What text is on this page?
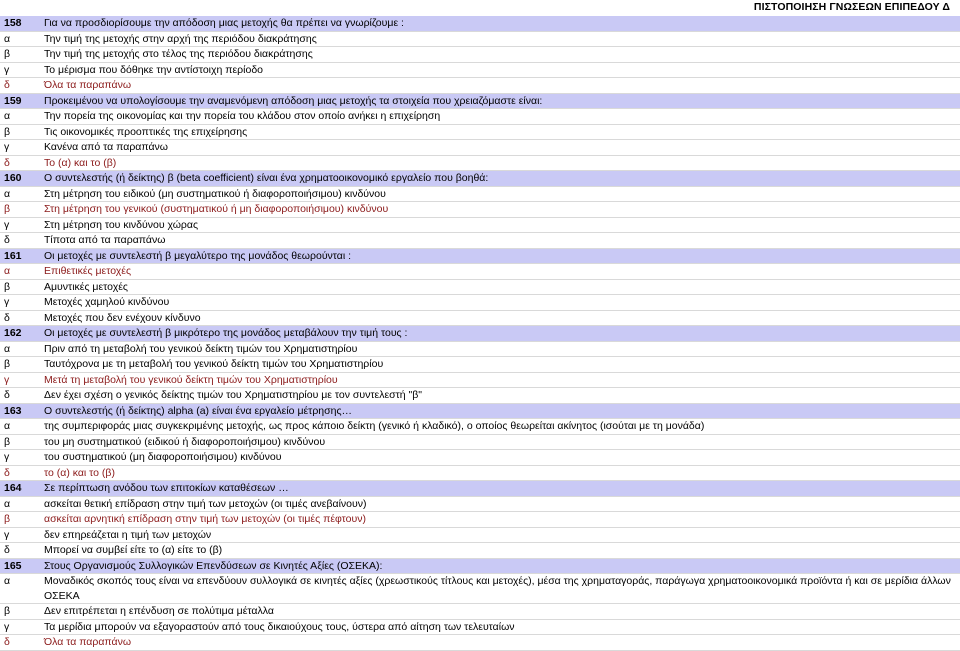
ΠΙΣΤΟΠΟΙΗΣΗ ΓΝΩΣΕΩΝ ΕΠΙΠΕΔΟΥ Δ
158	Για να προσδιορίσουμε την απόδοση μιας μετοχής θα πρέπει να γνωρίζουμε :
α	Την τιμή της μετοχής στην αρχή της περιόδου διακράτησης
β	Την τιμή της μετοχής στο τέλος της περιόδου διακράτησης
γ	Το μέρισμα που δόθηκε την αντίστοιχη περίοδο
δ	Όλα τα παραπάνω
159	Προκειμένου να υπολογίσουμε την αναμενόμενη απόδοση μιας μετοχής τα στοιχεία που χρειαζόμαστε είναι:
α	Την πορεία της οικονομίας και την πορεία του κλάδου στον οποίο ανήκει η επιχείρηση
β	Τις οικονομικές προοπτικές της επιχείρησης
γ	Κανένα από τα παραπάνω
δ	Το (α) και το (β)
160	Ο συντελεστής (ή δείκτης) β (beta coefficient) είναι ένα χρηματοοικονομικό εργαλείο που βοηθά:
α	Στη μέτρηση του ειδικού (μη συστηματικού ή διαφοροποιήσιμου) κινδύνου
β	Στη μέτρηση του γενικού (συστηματικού ή μη διαφοροποιήσιμου) κινδύνου
γ	Στη μέτρηση του κινδύνου χώρας
δ	Τίποτα από τα παραπάνω
161	Οι μετοχές με συντελεστή β μεγαλύτερο της μονάδος θεωρούνται :
α	Επιθετικές μετοχές
β	Αμυντικές μετοχές
γ	Μετοχές χαμηλού κινδύνου
δ	Μετοχές που δεν ενέχουν κίνδυνο
162	Οι μετοχές με συντελεστή β μικρότερο της μονάδος μεταβάλουν την τιμή τους :
α	Πριν από τη μεταβολή του γενικού δείκτη τιμών του Χρηματιστηρίου
β	Ταυτόχρονα με τη μεταβολή του γενικού δείκτη τιμών του Χρηματιστηρίου
γ	Μετά τη μεταβολή του γενικού δείκτη τιμών του Χρηματιστηρίου
δ	Δεν έχει σχέση ο γενικός δείκτης τιμών του Χρηματιστηρίου με τον συντελεστή "β"
163	Ο συντελεστής (ή δείκτης) alpha (a) είναι ένα εργαλείο μέτρησης…
α	της συμπεριφοράς μιας συγκεκριμένης μετοχής, ως προς κάποιο δείκτη (γενικό ή κλαδικό), ο οποίος θεωρείται ακίνητος (ισούται με τη μονάδα)
β	του μη συστηματικού (ειδικού ή διαφοροποιήσιμου) κινδύνου
γ	του συστηματικού (μη διαφοροποιήσιμου) κινδύνου
δ	το (α) και το (β)
164	Σε περίπτωση ανόδου των επιτοκίων καταθέσεων …
α	ασκείται θετική επίδραση στην τιμή των μετοχών (οι τιμές ανεβαίνουν)
β	ασκείται αρνητική επίδραση στην τιμή των μετοχών (οι τιμές πέφτουν)
γ	δεν επηρεάζεται η τιμή των μετοχών
δ	Μπορεί να συμβεί είτε το (α) είτε το (β)
165	Στους Οργανισμούς Συλλογικών Επενδύσεων σε Κινητές Αξίες (ΟΣΕΚΑ):
α	Μοναδικός σκοπός τους είναι να επενδύουν συλλογικά σε κινητές αξίες (χρεωστικούς τίτλους και μετοχές), μέσα της χρηματαγοράς, παράγωγα χρηματοοικονομικά προϊόντα ή και σε μερίδια άλλων ΟΣΕΚΑ
β	Δεν επιτρέπεται η επένδυση σε πολύτιμα μέταλλα
γ	Τα μερίδια μπορούν να εξαγοραστούν από τους δικαιούχους τους, ύστερα από αίτηση των τελευταίων
δ	Όλα τα παραπάνω
